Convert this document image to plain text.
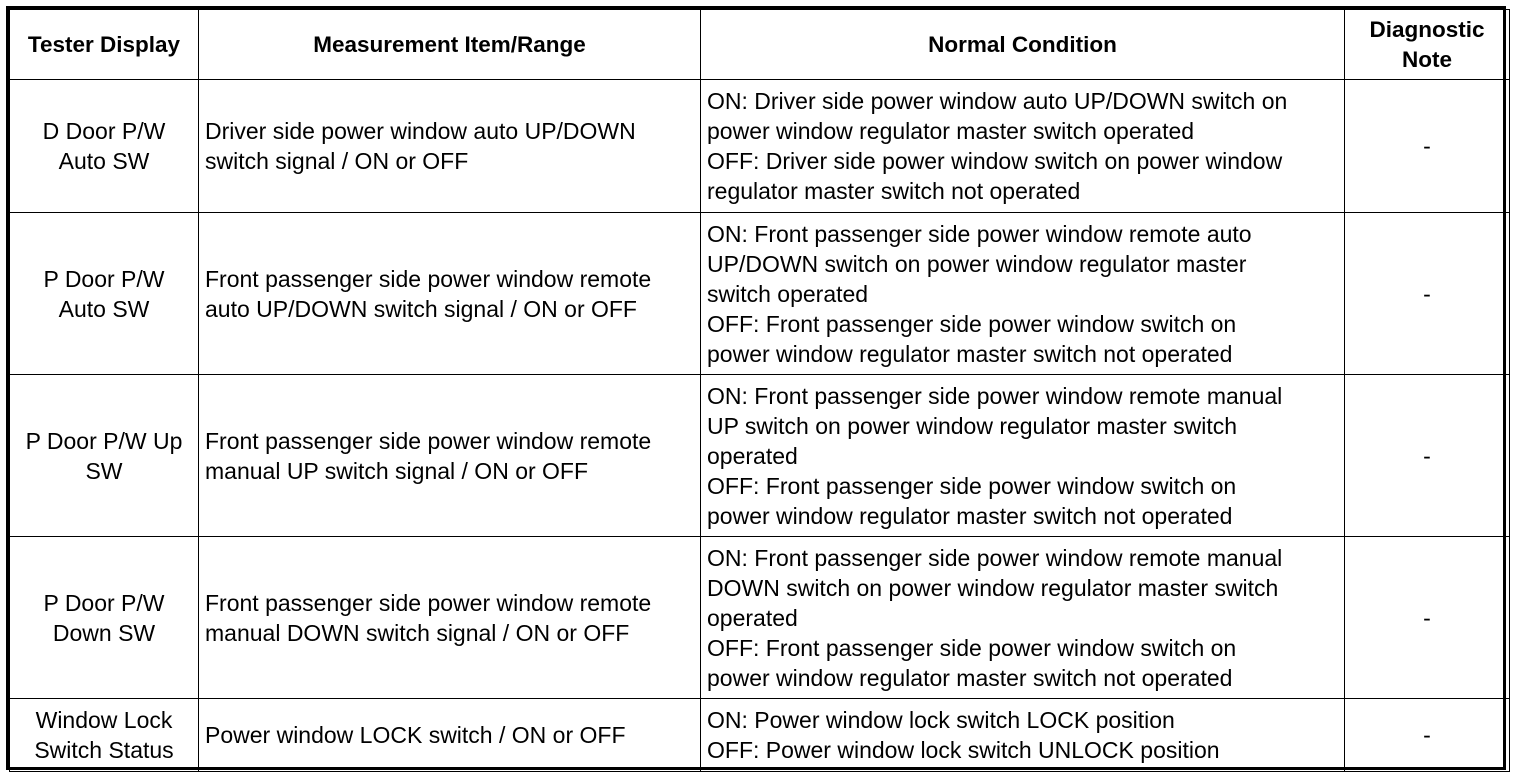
Tester Display	Measurement Item/Range	Normal Condition	Diagnostic
Note

D Door P/W
Auto SW	Driver side power window auto UP/DOWN
switch signal / ON or OFF	ON: Driver side power window auto UP/DOWN switch on
power window regulator master switch operated
OFF: Driver side power window switch on power window
regulator master switch not operated	-

P Door P/W
Auto SW	Front passenger side power window remote
auto UP/DOWN switch signal / ON or OFF	ON: Front passenger side power window remote auto
UP/DOWN switch on power window regulator master
switch operated
OFF: Front passenger side power window switch on
power window regulator master switch not operated	-

P Door P/W Up
SW	Front passenger side power window remote
manual UP switch signal / ON or OFF	ON: Front passenger side power window remote manual
UP switch on power window regulator master switch
operated
OFF: Front passenger side power window switch on
power window regulator master switch not operated	-

P Door P/W
Down SW	Front passenger side power window remote
manual DOWN switch signal / ON or OFF	ON: Front passenger side power window remote manual
DOWN switch on power window regulator master switch
operated
OFF: Front passenger side power window switch on
power window regulator master switch not operated	-

Window Lock
Switch Status	Power window LOCK switch / ON or OFF	ON: Power window lock switch LOCK position
OFF: Power window lock switch UNLOCK position	-
